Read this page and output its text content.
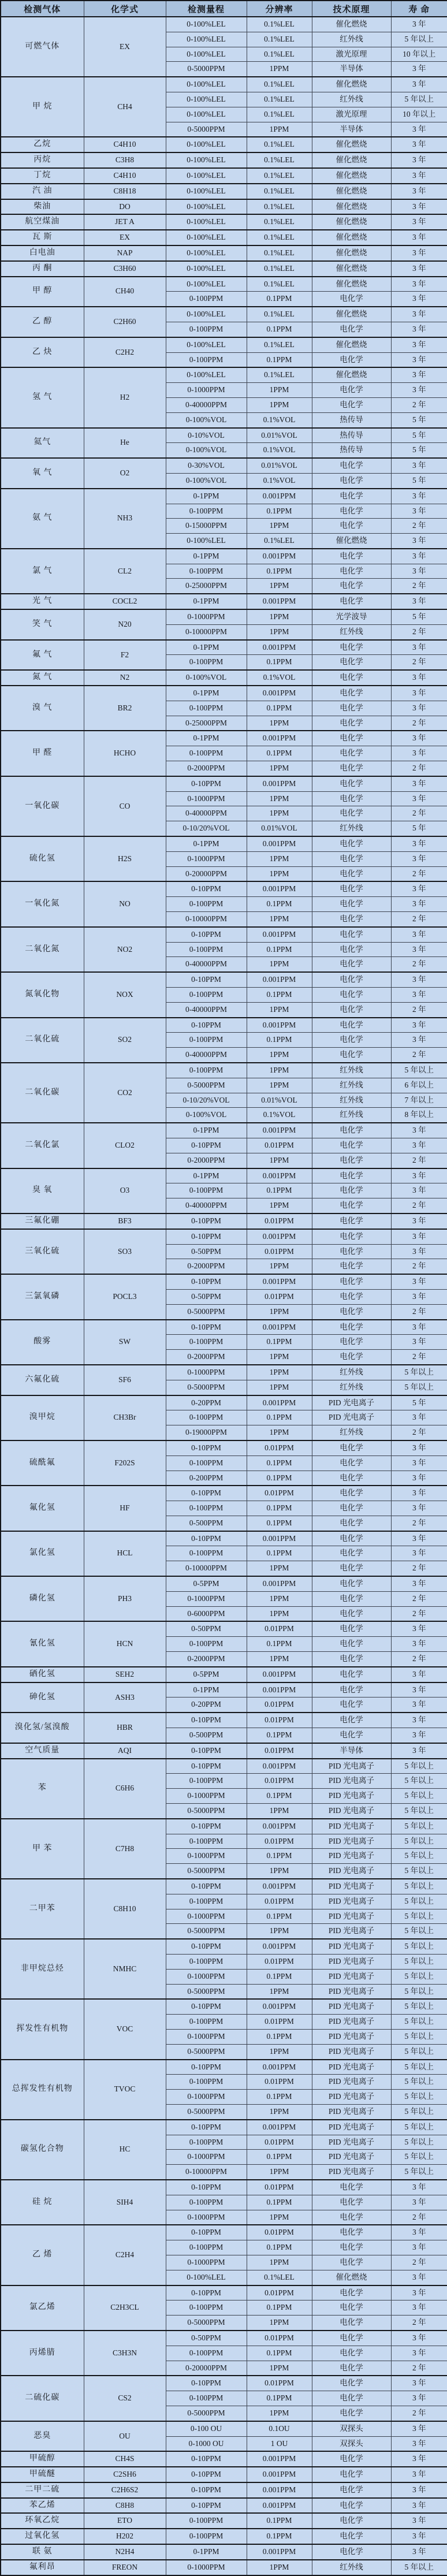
检测气体	化学式	检测量程	分辨率	技术原理	寿 命
可燃气体	EX	0-100%LEL	0.1%LEL	催化燃烧	3 年
		0-100%LEL	0.1%LEL	红外线	5 年以上
		0-100%LEL	0.1%LEL	激光原理	10 年以上
		0-5000PPM	1PPM	半导体	3 年
甲 烷	CH4	0-100%LEL	0.1%LEL	催化燃烧	3 年
		0-100%LEL	0.1%LEL	红外线	5 年以上
		0-100%LEL	0.1%LEL	激光原理	10 年以上
		0-5000PPM	1PPM	半导体	3 年
乙烷	C4H10	0-100%LEL	0.1%LEL	催化燃烧	3 年
丙烷	C3H8	0-100%LEL	0.1%LEL	催化燃烧	3 年
丁烷	C4H10	0-100%LEL	0.1%LEL	催化燃烧	3 年
汽 油	C8H18	0-100%LEL	0.1%LEL	催化燃烧	3 年
柴油	DO	0-100%LEL	0.1%LEL	催化燃烧	3 年
航空煤油	JET A	0-100%LEL	0.1%LEL	催化燃烧	3 年
瓦 斯	EX	0-100%LEL	0.1%LEL	催化燃烧	3 年
白电油	NAP	0-100%LEL	0.1%LEL	催化燃烧	3 年
丙 酮	C3H60	0-100%LEL	0.1%LEL	催化燃烧	3 年
甲 醇	CH40	0-100%LEL	0.1%LEL	催化燃烧	3 年
		0-100PPM	0.1PPM	电化学	3 年
乙 醇	C2H60	0-100%LEL	0.1%LEL	催化燃烧	3 年
		0-100PPM	0.1PPM	电化学	3 年
乙 炔	C2H2	0-100%LEL	0.1%LEL	催化燃烧	3 年
		0-100PPM	0.1PPM	电化学	3 年
氢 气	H2	0-100%LEL	0.1%LEL	催化燃烧	3 年
		0-1000PPM	1PPM	电化学	3 年
		0-40000PPM	1PPM	电化学	2 年
		0-100%VOL	0.1%VOL	热传导	5 年
氦气	He	0-10%VOL	0.01%VOL	热传导	5 年
		0-100%VOL	0.1%VOL	热传导	5 年
氧 气	O2	0-30%VOL	0.01%VOL	电化学	3 年
		0-100%VOL	0.1%VOL	电化学	5 年
氨 气	NH3	0-1PPM	0.001PPM	电化学	3 年
		0-100PPM	0.1PPM	电化学	3 年
		0-15000PPM	1PPM	电化学	2 年
		0-100%LEL	0.1%LEL	催化燃烧	3 年
氯 气	CL2	0-1PPM	0.001PPM	电化学	3 年
		0-100PPM	0.1PPM	电化学	3 年
		0-25000PPM	1PPM	电化学	2 年
光 气	COCL2	0-1PPM	0.001PPM	电化学	3 年
笑 气	N20	0-1000PPM	1PPM	光学波导	5 年
		0-10000PPM	1PPM	红外线	2 年
氟 气	F2	0-1PPM	0.001PPM	电化学	3 年
		0-100PPM	0.1PPM	电化学	2 年
氮 气	N2	0-100%VOL	0.1%VOL	电化学	3 年
溴 气	BR2	0-1PPM	0.001PPM	电化学	3 年
		0-100PPM	0.1PPM	电化学	3 年
		0-25000PPM	1PPM	电化学	2 年
甲 醛	HCHO	0-1PPM	0.001PPM	电化学	3 年
		0-100PPM	0.1PPM	电化学	3 年
		0-2000PPM	1PPM	电化学	2 年
一氧化碳	CO	0-10PPM	0.001PPM	电化学	3 年
		0-1000PPM	1PPM	电化学	3 年
		0-40000PPM	1PPM	电化学	2 年
		0-10/20%VOL	0.01%VOL	红外线	5 年
硫化氢	H2S	0-1PPM	0.001PPM	电化学	3 年
		0-1000PPM	1PPM	电化学	3 年
		0-20000PPM	1PPM	电化学	2 年
一氧化氮	NO	0-10PPM	0.001PPM	电化学	3 年
		0-100PPM	0.1PPM	电化学	3 年
		0-10000PPM	1PPM	电化学	2 年
二氧化氮	NO2	0-10PPM	0.001PPM	电化学	3 年
		0-100PPM	0.1PPM	电化学	3 年
		0-40000PPM	1PPM	电化学	2 年
氮氧化物	NOX	0-10PPM	0.001PPM	电化学	3 年
		0-100PPM	0.1PPM	电化学	3 年
		0-40000PPM	1PPM	电化学	2 年
二氧化硫	SO2	0-10PPM	0.001PPM	电化学	3 年
		0-100PPM	0.1PPM	电化学	3 年
		0-40000PPM	1PPM	电化学	2 年
二氧化碳	CO2	0-100PPM	1PPM	红外线	5 年以上
		0-5000PPM	1PPM	红外线	6 年以上
		0-10/20%VOL	0.01%VOL	红外线	7 年以上
		0-100%VOL	0.1%VOL	红外线	8 年以上
二氧化氯	CLO2	0-1PPM	0.001PPM	电化学	3 年
		0-10PPM	0.01PPM	电化学	3 年
		0-2000PPM	1PPM	电化学	2 年
臭 氧	O3	0-1PPM	0.001PPM	电化学	3 年
		0-100PPM	0.1PPM	电化学	3 年
		0-40000PPM	1PPM	电化学	2 年
三氟化硼	BF3	0-10PPM	0.01PPM	电化学	3 年
三氧化硫	SO3	0-10PPM	0.001PPM	电化学	3 年
		0-50PPM	0.01PPM	电化学	3 年
		0-2000PPM	1PPM	电化学	2 年
三氯氧磷	POCL3	0-10PPM	0.001PPM	电化学	3 年
		0-50PPM	0.01PPM	电化学	3 年
		0-5000PPM	1PPM	电化学	2 年
酸雾	SW	0-10PPM	0.001PPM	电化学	3 年
		0-100PPM	0.1PPM	电化学	3 年
		0-2000PPM	1PPM	电化学	2 年
六氟化硫	SF6	0-1000PPM	1PPM	红外线	5 年以上
		0-5000PPM	1PPM	红外线	5 年以上
溴甲烷	CH3Br	0-20PPM	0.001PPM	PID 光电离子	5 年
		0-100PPM	0.1PPM	PID 光电离子	3 年
		0-19000PPM	1PPM	红外线	2 年
硫酰氟	F202S	0-10PPM	0.01PPM	电化学	3 年
		0-100PPM	0.1PPM	电化学	3 年
		0-200PPM	0.1PPM	电化学	3 年
氟化氢	HF	0-10PPM	0.01PPM	电化学	3 年
		0-100PPM	0.1PPM	电化学	3 年
		0-500PPM	0.1PPM	电化学	2 年
氯化氢	HCL	0-10PPM	0.001PPM	电化学	3 年
		0-100PPM	0.1PPM	电化学	3 年
		0-10000PPM	1PPM	电化学	2 年
磷化氢	PH3	0-5PPM	0.001PPM	电化学	3 年
		0-1000PPM	1PPM	电化学	2 年
		0-6000PPM	1PPM	电化学	2 年
氰化氢	HCN	0-50PPM	0.01PPM	电化学	3 年
		0-100PPM	0.1PPM	电化学	3 年
		0-2000PPM	1PPM	电化学	2 年
硒化氢	SEH2	0-5PPM	0.001PPM	电化学	3 年
砷化氢	ASH3	0-1PPM	0.001PPM	电化学	3 年
		0-20PPM	0.01PPM	电化学	3 年
溴化氢/氢溴酸	HBR	0-10PPM	0.01PPM	电化学	3 年
		0-500PPM	0.1PPM	电化学	3 年
空气质量	AQI	0-10PPM	0.01PPM	半导体	3 年
苯	C6H6	0-10PPM	0.001PPM	PID 光电离子	5 年以上
		0-100PPM	0.01PPM	PID 光电离子	5 年以上
		0-1000PPM	0.1PPM	PID 光电离子	5 年以上
		0-5000PPM	1PPM	PID 光电离子	5 年以上
甲 苯	C7H8	0-10PPM	0.001PPM	PID 光电离子	5 年以上
		0-100PPM	0.01PPM	PID 光电离子	5 年以上
		0-1000PPM	0.1PPM	PID 光电离子	5 年以上
		0-5000PPM	1PPM	PID 光电离子	5 年以上
二甲苯	C8H10	0-10PPM	0.001PPM	PID 光电离子	5 年以上
		0-100PPM	0.01PPM	PID 光电离子	5 年以上
		0-1000PPM	0.1PPM	PID 光电离子	5 年以上
		0-5000PPM	1PPM	PID 光电离子	5 年以上
非甲烷总烃	NMHC	0-10PPM	0.001PPM	PID 光电离子	5 年以上
		0-100PPM	0.01PPM	PID 光电离子	5 年以上
		0-1000PPM	0.1PPM	PID 光电离子	5 年以上
		0-5000PPM	1PPM	PID 光电离子	5 年以上
挥发性有机物	VOC	0-10PPM	0.001PPM	PID 光电离子	5 年以上
		0-100PPM	0.01PPM	PID 光电离子	5 年以上
		0-1000PPM	0.1PPM	PID 光电离子	5 年以上
		0-5000PPM	1PPM	PID 光电离子	5 年以上
总挥发性有机物	TVOC	0-10PPM	0.001PPM	PID 光电离子	5 年以上
		0-100PPM	0.01PPM	PID 光电离子	5 年以上
		0-1000PPM	0.1PPM	PID 光电离子	5 年以上
		0-5000PPM	1PPM	PID 光电离子	5 年以上
碳氢化合物	HC	0-10PPM	0.001PPM	PID 光电离子	5 年以上
		0-100PPM	0.01PPM	PID 光电离子	5 年以上
		0-1000PPM	0.1PPM	PID 光电离子	5 年以上
		0-10000PPM	1PPM	PID 光电离子	5 年以上
硅 烷	SIH4	0-10PPM	0.01PPM	电化学	3 年
		0-100PPM	0.1PPM	电化学	3 年
		0-1000PPM	1PPM	电化学	2 年
乙 烯	C2H4	0-10PPM	0.01PPM	电化学	3 年
		0-100PPM	0.1PPM	电化学	3 年
		0-1000PPM	1PPM	电化学	2 年
		0-100%LEL	0.1%LEL	催化燃烧	3 年
氯乙烯	C2H3CL	0-10PPM	0.01PPM	电化学	3 年
		0-100PPM	0.1PPM	电化学	3 年
		0-5000PPM	1PPM	电化学	2 年
丙烯腈	C3H3N	0-50PPM	0.01PPM	电化学	3 年
		0-100PPM	0.1PPM	电化学	3 年
		0-20000PPM	1PPM	电化学	2 年
二硫化碳	CS2	0-10PPM	0.01PPM	电化学	3 年
		0-100PPM	0.1PPM	电化学	3 年
		0-5000PPM	1PPM	电化学	2 年
恶臭	OU	0-100 OU	0.1OU	双探头	3 年
		0-1000 OU	1 OU	双探头	3 年
甲硫醇	CH4S	0-10PPM	0.001PPM	电化学	3 年
甲硫醚	C2SH6	0-10PPM	0.001PPM	电化学	3 年
二甲二硫	C2H6S2	0-10PPM	0.001PPM	电化学	3 年
苯乙烯	C8H8	0-10PPM	0.001PPM	电化学	3 年
环氧乙烷	ETO	0-100PPM	0.1PPM	电化学	3 年
过氧化氢	H202	0-100PPM	0.1PPM	电化学	3 年
联 氨	N2H4	0-1PPM	0.001PPM	电化学	3 年
氟利昂	FREON	0-1000PPM	1PPM	红外线	5 年以上
